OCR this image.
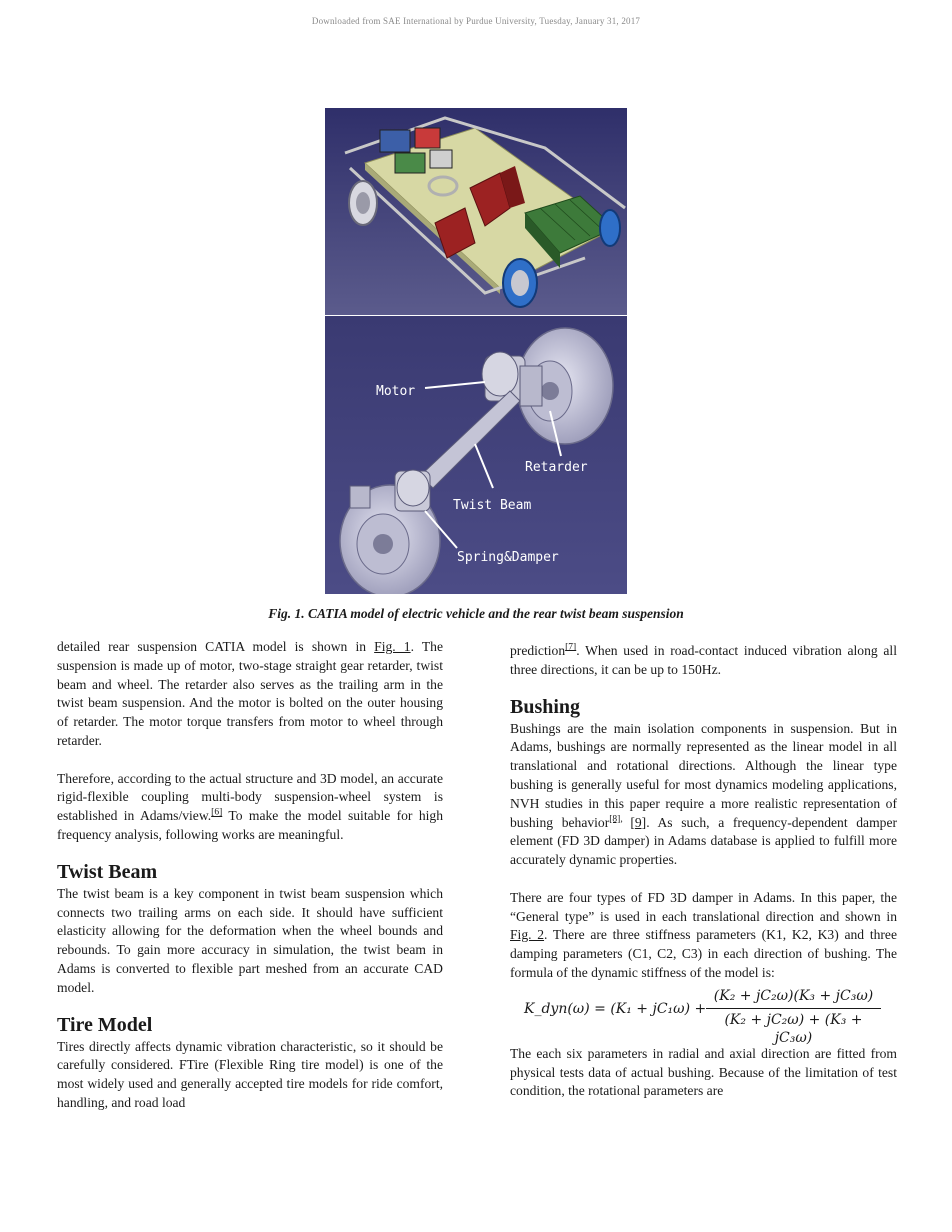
Downloaded from SAE International by Purdue University, Tuesday, January 31, 2017
Motor
Retarder
Twist Beam
Spring&Damper
Fig. 1. CATIA model of electric vehicle and the rear twist beam suspension

detailed rear suspension CATIA model is shown in Fig. 1. The suspension is made up of motor, two-stage straight gear retarder, twist beam and wheel. The retarder also serves as the trailing arm in the twist beam suspension. And the motor is bolted on the outer housing of retarder. The motor torque transfers from motor to wheel through retarder.

Therefore, according to the actual structure and 3D model, an accurate rigid-flexible coupling multi-body suspension-wheel system is established in Adams/view.[6] To make the model suitable for high frequency analysis, following works are meaningful.

Twist Beam

The twist beam is a key component in twist beam suspension which connects two trailing arms on each side. It should have sufficient elasticity allowing for the deformation when the wheel bounds and rebounds. To gain more accuracy in simulation, the twist beam in Adams is converted to flexible part meshed from an accurate CAD model.

Tire Model

Tires directly affects dynamic vibration characteristic, so it should be carefully considered. FTire (Flexible Ring tire model) is one of the most widely used and generally accepted tire models for ride comfort, handling, and road load

prediction[7]. When used in road-contact induced vibration along all three directions, it can be up to 150Hz.

Bushing

Bushings are the main isolation components in suspension. But in Adams, bushings are normally represented as the linear model in all translational and rotational directions. Although the linear type bushing is generally useful for most dynamics modeling applications, NVH studies in this paper require a more realistic representation of bushing behavior$^{[8],}$ [9]. As such, a frequency-dependent damper element (FD 3D damper) in Adams database is applied to fulfill more accurately dynamic properties.

There are four types of FD 3D damper in Adams. In this paper, the “General type” is used in each translational direction and shown in Fig. 2. There are three stiffness parameters (K1, K2, K3) and three damping parameters (C1, C2, C3) in each direction of bushing. The formula of the dynamic stiffness of the model is:

K_dyn(ω) = $(K_1 + jC_1\omega) + \frac{\text{(K₂ + jC₂ω)(K₃ + jC₃ω)}}{\text{(K₂ + jC₂ω) + (K₃ + jC₃ω)}}$

The each six parameters in radial and axial direction are fitted from physical tests data of actual bushing. Because of the limitation of test condition, the rotational parameters are
